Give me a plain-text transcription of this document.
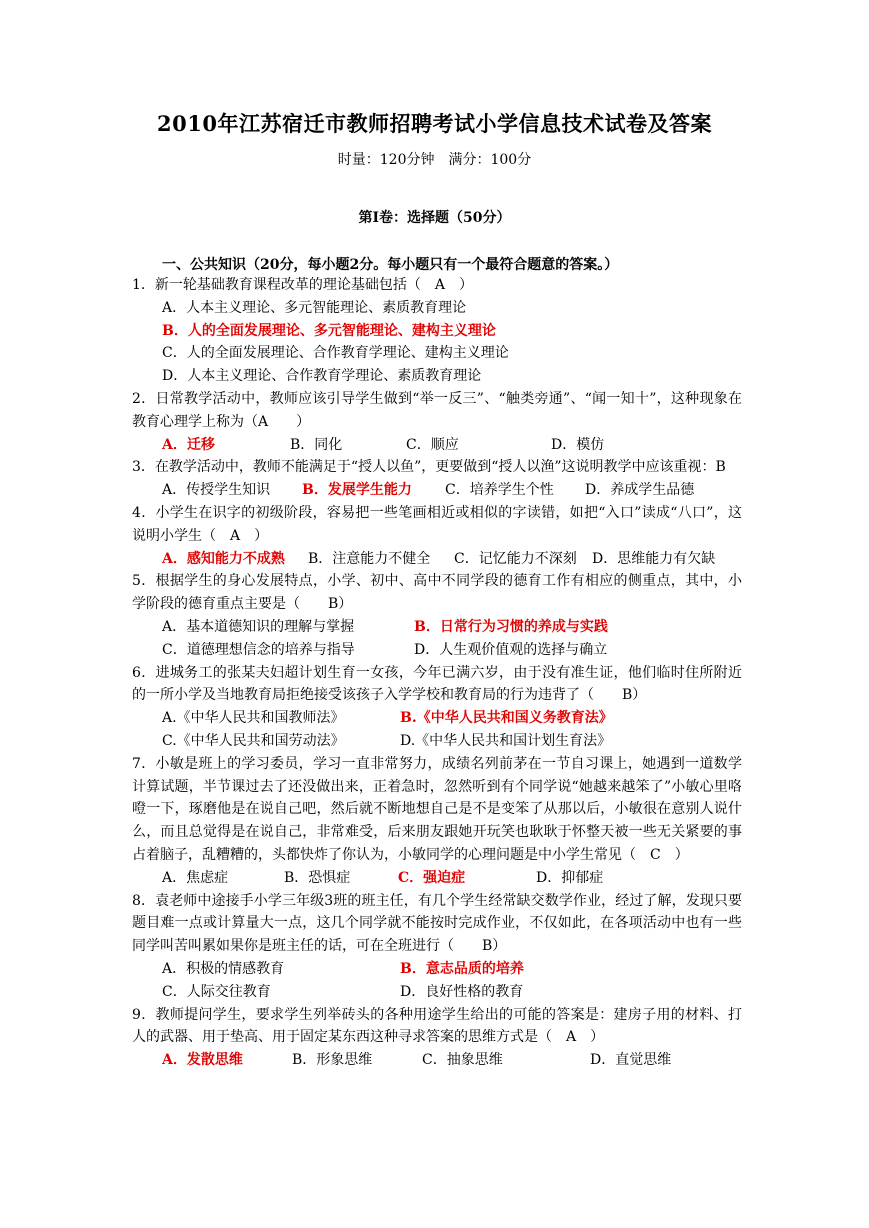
2010年江苏宿迁市教师招聘考试小学信息技术试卷及答案
时量：120分钟　满分：100分
第Ⅰ卷：选择题（50分）
一、公共知识（20分，每小题2分。每小题只有一个最符合题意的答案。）
1．新一轮基础教育课程改革的理论基础包括（　A　）
A．人本主义理论、多元智能理论、素质教育理论
B．人的全面发展理论、多元智能理论、建构主义理论
C．人的全面发展理论、合作教育学理论、建构主义理论
D．人本主义理论、合作教育学理论、素质教育理论
2．日常教学活动中，教师应该引导学生做到“举一反三”、“触类旁通”、“闻一知十”，这种现象在教育心理学上称为（A　　）
A．迁移	B．同化	C．顺应	D．模仿
3．在教学活动中，教师不能满足于“授人以鱼”，更要做到“授人以渔”这说明教学中应该重视：B
A．传授学生知识	B．发展学生能力	C．培养学生个性	D．养成学生品德
4．小学生在识字的初级阶段，容易把一些笔画相近或相似的字读错，如把“入口”读成“八口”，这说明小学生（　A　）
A．感知能力不成熟	B．注意能力不健全	C．记忆能力不深刻	D．思维能力有欠缺
5．根据学生的身心发展特点，小学、初中、高中不同学段的德育工作有相应的侧重点，其中，小学阶段的德育重点主要是（　　B）
A．基本道德知识的理解与掌握	B．日常行为习惯的养成与实践
C．道德理想信念的培养与指导	D．人生观价值观的选择与确立
6．进城务工的张某夫妇超计划生育一女孩，今年已满六岁，由于没有准生证，他们临时住所附近的一所小学及当地教育局拒绝接受该孩子入学学校和教育局的行为违背了（　　B）
A.《中华人民共和国教师法》	B.《中华人民共和国义务教育法》
C.《中华人民共和国劳动法》	D.《中华人民共和国计划生育法》
7．小敏是班上的学习委员，学习一直非常努力，成绩名列前茅在一节自习课上，她遇到一道数学计算试题，半节课过去了还没做出来，正着急时，忽然听到有个同学说“她越来越笨了”小敏心里咯噔一下，琢磨他是在说自己吧，然后就不断地想自己是不是变笨了从那以后，小敏很在意别人说什么，而且总觉得是在说自己，非常难受，后来朋友跟她开玩笑也耿耿于怀整天被一些无关紧要的事占着脑子，乱糟糟的，头都快炸了你认为，小敏同学的心理问题是中小学生常见（　C　）
A．焦虑症	B．恐惧症	C．强迫症	D．抑郁症
8．袁老师中途接手小学三年级3班的班主任，有几个学生经常缺交数学作业，经过了解，发现只要题目难一点或计算量大一点，这几个同学就不能按时完成作业，不仅如此，在各项活动中也有一些同学叫苦叫累如果你是班主任的话，可在全班进行（　　B）
A．积极的情感教育	B．意志品质的培养
C．人际交往教育	D．良好性格的教育
9．教师提问学生，要求学生列举砖头的各种用途学生给出的可能的答案是：建房子用的材料、打人的武器、用于垫高、用于固定某东西这种寻求答案的思维方式是（　A　）
A．发散思维	B．形象思维	C．抽象思维	D．直觉思维
